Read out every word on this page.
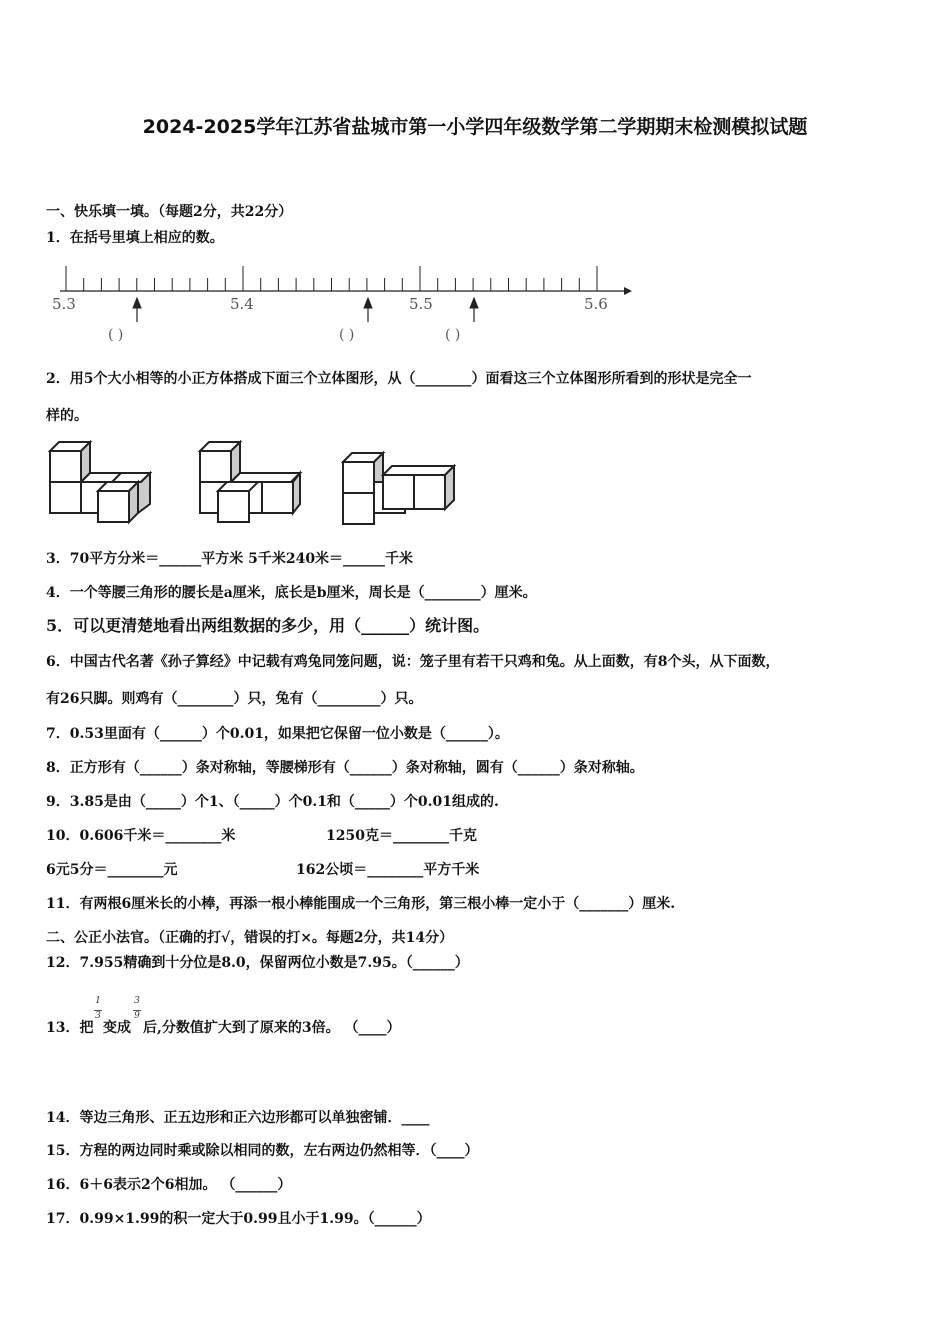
2024-2025学年江苏省盐城市第一小学四年级数学第二学期期末检测模拟试题
一、快乐填一填。（每题2分，共22分）
1．在括号里填上相应的数。
5.3	5.4	5.5	5.6
( )	( )	( )
2．用5个大小相等的小正方体搭成下面三个立体图形，从（________）面看这三个立体图形所看到的形状是完全一
样的。
3．70平方分米＝______平方米 5千米240米＝______千米
4．一个等腰三角形的腰长是a厘米，底长是b厘米，周长是（________）厘米。
5．可以更清楚地看出两组数据的多少，用（______）统计图。
6．中国古代名著《孙子算经》中记载有鸡兔同笼问题，说：笼子里有若干只鸡和兔。从上面数，有8个头，从下面数，
有26只脚。则鸡有（________）只，兔有（_________）只。
7．0.53里面有（______）个0.01，如果把它保留一位小数是（______）。
8．正方形有（______）条对称轴，等腰梯形有（______）条对称轴，圆有（______）条对称轴。
9．3.85是由（_____）个1、（_____）个0.1和（_____）个0.01组成的.
10．0.606千米＝________米	1250克＝________千克
6元5分＝________元	162公顷＝________平方千米
11．有两根6厘米长的小棒，再添一根小棒能围成一个三角形，第三根小棒一定小于（_______）厘米.
二、公正小法官。（正确的打√，错误的打×。每题2分，共14分）
12．7.955精确到十分位是8.0，保留两位小数是7.95。（______）
13．把
$\frac{1}{3}$
变成
$\frac{3}{9}$
后,分数值扩大到了原来的3倍。 （____）
14．等边三角形、正五边形和正六边形都可以单独密铺．____
15．方程的两边同时乘或除以相同的数，左右两边仍然相等．（____）
16．6＋6表示2个6相加。 （______）
17．0.99×1.99的积一定大于0.99且小于1.99。（______）
